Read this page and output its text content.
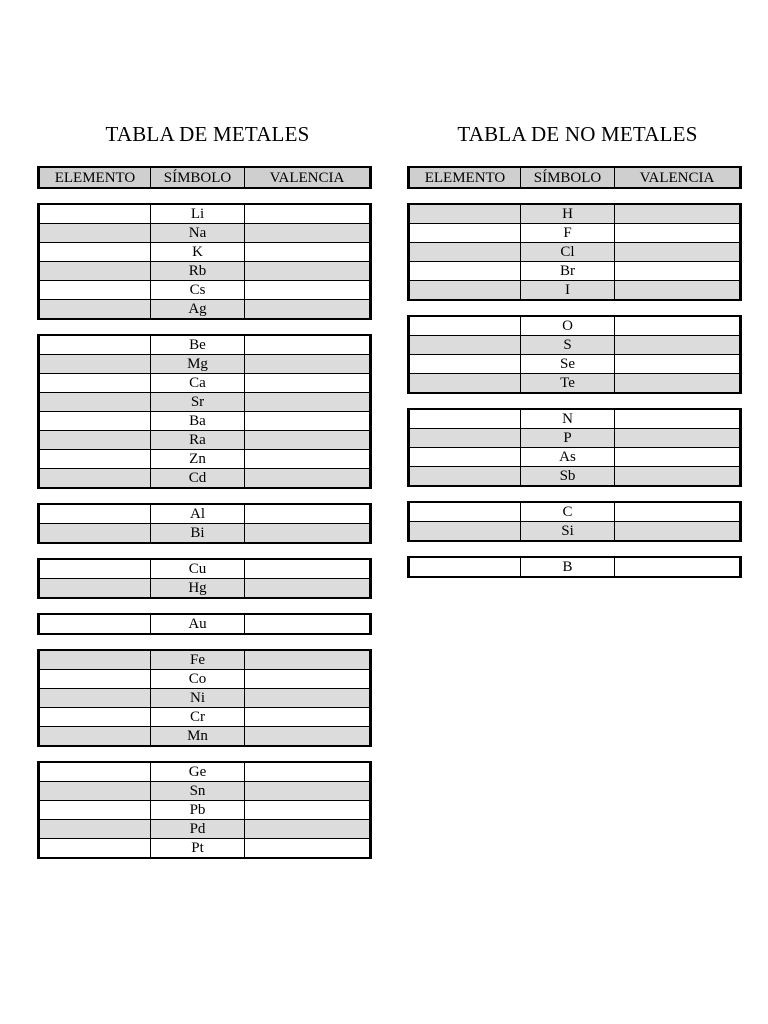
TABLA DE METALES
ELEMENTO	SÍMBOLO	VALENCIA
	Li	
	Na	
	K	
	Rb	
	Cs	
	Ag	
	Be	
	Mg	
	Ca	
	Sr	
	Ba	
	Ra	
	Zn	
	Cd	
	Al	
	Bi	
	Cu	
	Hg	
	Au	
	Fe	
	Co	
	Ni	
	Cr	
	Mn	
	Ge	
	Sn	
	Pb	
	Pd	
	Pt	
TABLA DE NO METALES
ELEMENTO	SÍMBOLO	VALENCIA
	H	
	F	
	Cl	
	Br	
	I	
	O	
	S	
	Se	
	Te	
	N	
	P	
	As	
	Sb	
	C	
	Si	
	B	
